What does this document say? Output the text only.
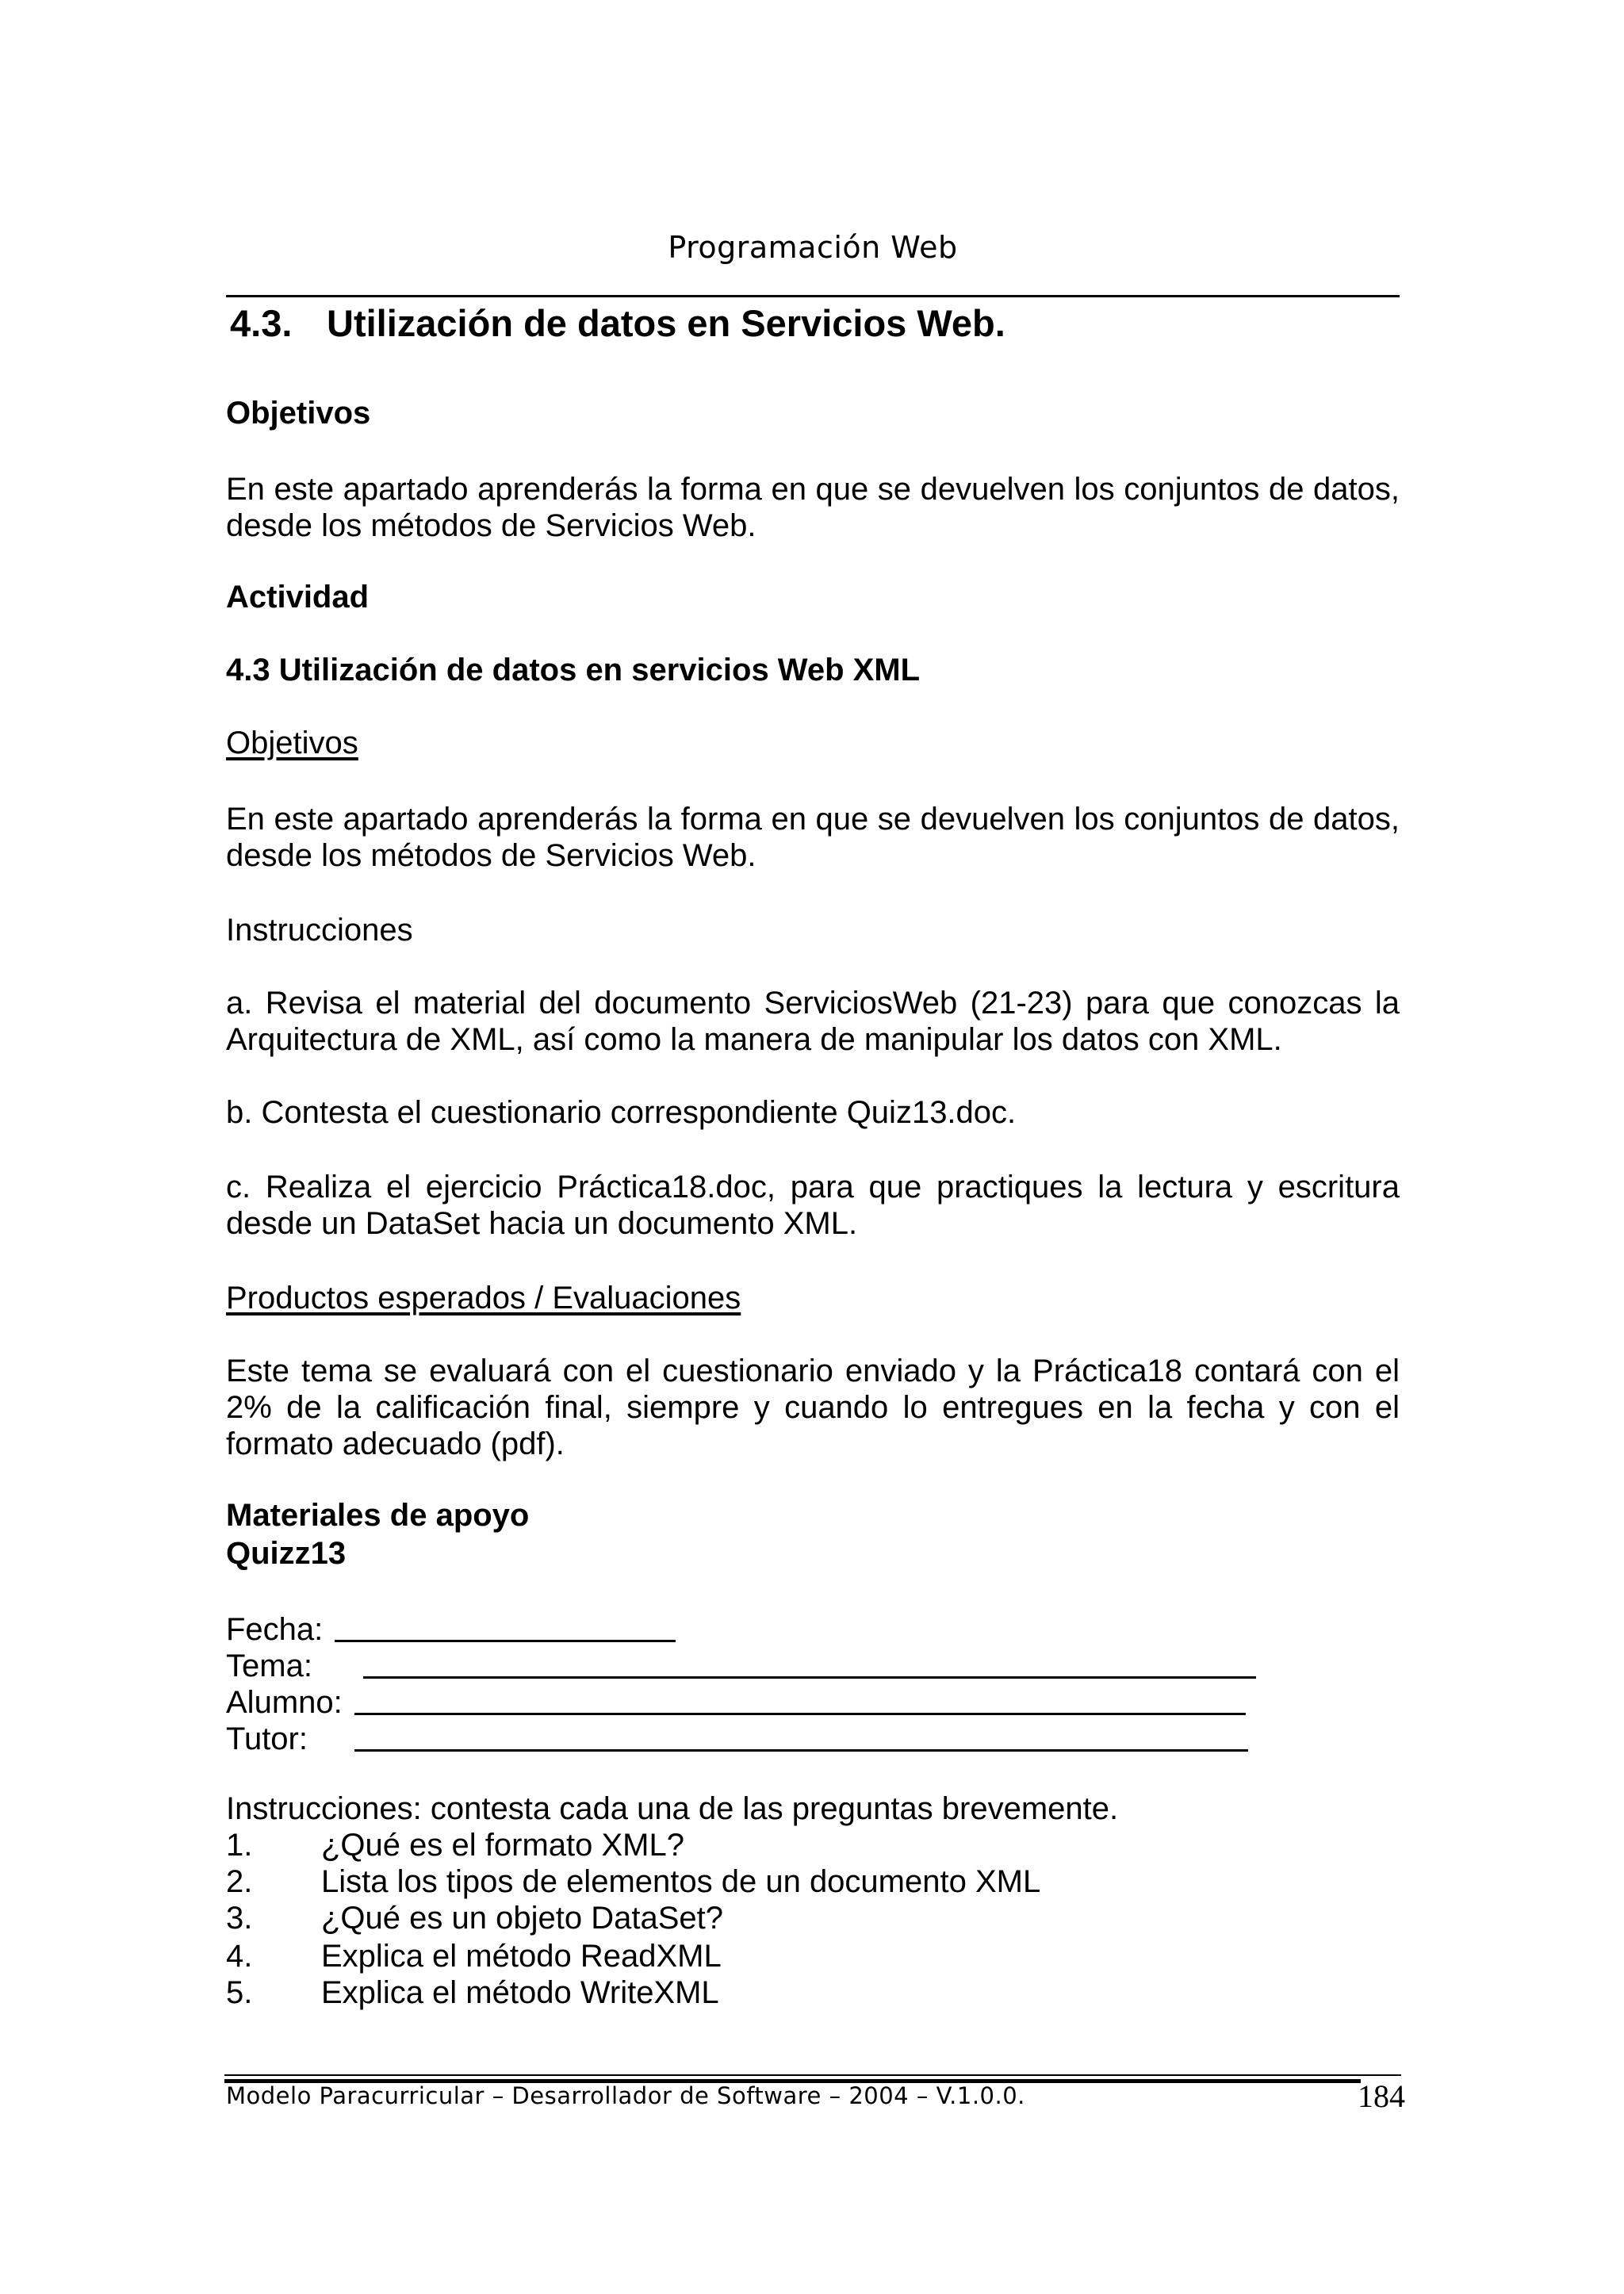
Programación Web
4.3. Utilización de datos en Servicios Web.
Objetivos
En este apartado aprenderás la forma en que se devuelven los conjuntos de datos, desde los métodos de Servicios Web.
Actividad
4.3 Utilización de datos en servicios Web XML
Objetivos
En este apartado aprenderás la forma en que se devuelven los conjuntos de datos, desde los métodos de Servicios Web.
Instrucciones
a. Revisa el material del documento ServiciosWeb (21-23) para que conozcas la Arquitectura de XML, así como la manera de manipular los datos con XML.
b. Contesta el cuestionario correspondiente Quiz13.doc.
c. Realiza el ejercicio Práctica18.doc, para que practiques la lectura y escritura desde un DataSet hacia un documento XML.
Productos esperados / Evaluaciones
Este tema se evaluará con el cuestionario enviado y la Práctica18 contará con el 2% de la calificación final, siempre y cuando lo entregues en la fecha y con el formato adecuado (pdf).
Materiales de apoyo
Quizz13
Fecha:
Tema:
Alumno:
Tutor:
Instrucciones: contesta cada una de las preguntas brevemente.
1. ¿Qué es el formato XML?
2. Lista los tipos de elementos de un documento XML
3. ¿Qué es un objeto DataSet?
4. Explica el método ReadXML
5. Explica el método WriteXML
Modelo Paracurricular – Desarrollador de Software – 2004 – V.1.0.0.	184
